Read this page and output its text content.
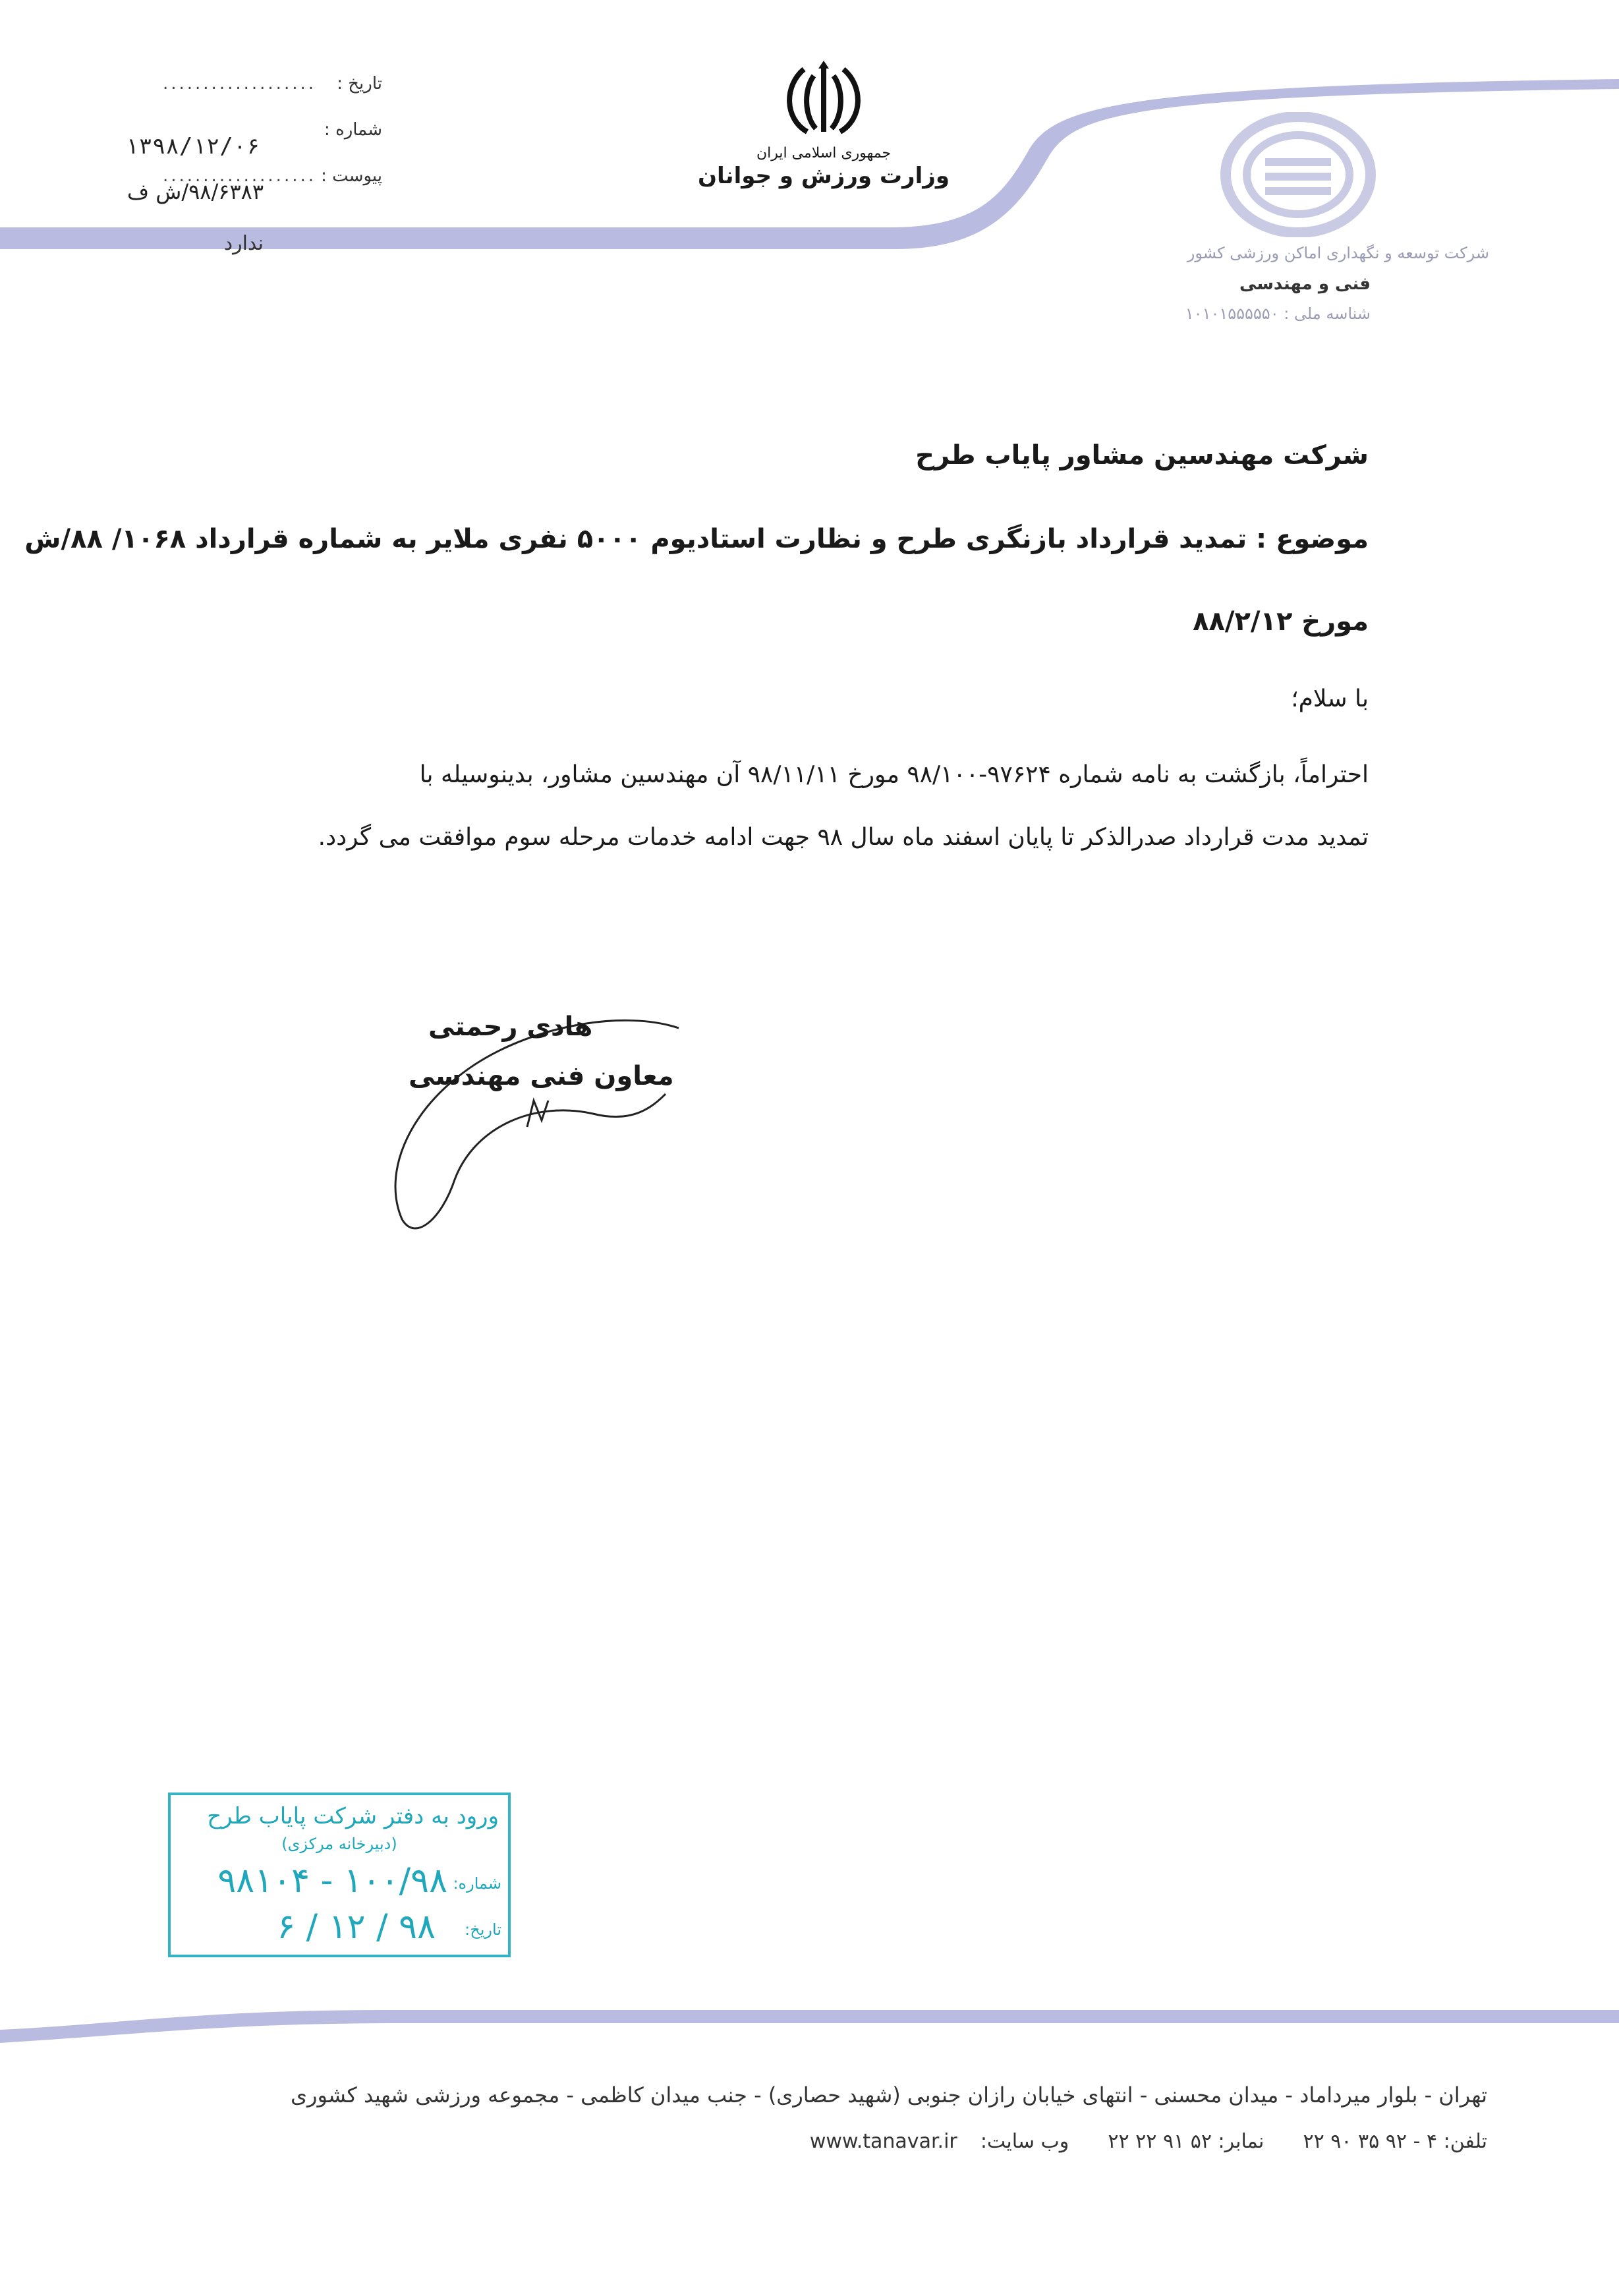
تاریخ :
...................
۱۳۹۸/۱۲/۰۶
شماره :
پیوست :
...................
۹۸/۶۳۸۳/ش ف
ندارد
جمهوری اسلامی ایران
وزارت ورزش و جوانان
شرکت توسعه و نگهداری اماکن ورزشی کشور
فنی و مهندسی
شناسه ملی : ۱۰۱۰۱۵۵۵۵۵۰
شرکت مهندسین مشاور پایاب طرح
موضوع : تمدید قرارداد بازنگری طرح و نظارت استادیوم ۵۰۰۰ نفری ملایر به شماره قرارداد ۱۰۶۸/ ۸۸/ش
مورخ ۸۸/۲/۱۲
با سلام؛
احتراماً، بازگشت به نامه شماره ۹۷۶۲۴-۹۸/۱۰۰ مورخ ۹۸/۱۱/۱۱ آن مهندسین مشاور، بدینوسیله با
تمدید مدت قرارداد صدرالذکر تا پایان اسفند ماه سال ۹۸ جهت ادامه خدمات مرحله سوم موافقت می گردد.
هادی رحمتی
معاون فنی مهندسی
ورود به دفتر شرکت پایاب طرح
(دبیرخانه مرکزی)
شماره:
۱۰۰/۹۸ - ۹۸۱۰۴
تاریخ:
۹۸ / ۱۲ / ۶
تهران - بلوار میرداماد - میدان محسنی - انتهای خیابان رازان جنوبی (شهید حصاری) - جنب میدان کاظمی - مجموعه ورزشی شهید کشوری
تلفن: ۴ - ۹۲ ۳۵ ۹۰ ۲۲  نمابر: ۵۲ ۹۱ ۲۲ ۲۲  وب سایت:  www.tanavar.ir
